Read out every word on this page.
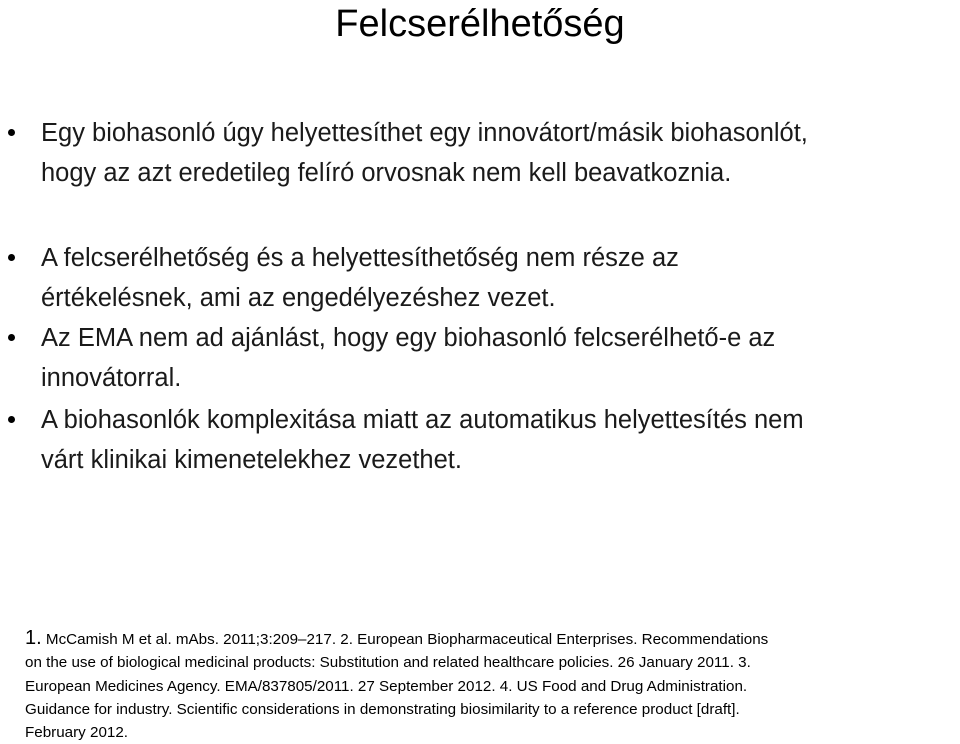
Felcserélhetőség
Egy biohasonló úgy helyettesíthet egy innovátort/másik biohasonlót,
hogy az azt eredetileg felíró orvosnak nem kell beavatkoznia.
A felcserélhetőség és a helyettesíthetőség nem része az
értékelésnek, ami az engedélyezéshez vezet.
Az EMA nem ad ajánlást, hogy egy biohasonló felcserélhető-e az
innovátorral.
A biohasonlók komplexitása miatt az automatikus helyettesítés nem
várt klinikai kimenetelekhez vezethet.
1. McCamish M et al. mAbs. 2011;3:209–217. 2. European Biopharmaceutical Enterprises. Recommendations
on the use of biological medicinal products: Substitution and related healthcare policies. 26 January 2011. 3.
European Medicines Agency. EMA/837805/2011. 27 September 2012. 4. US Food and Drug Administration.
Guidance for industry. Scientific considerations in demonstrating biosimilarity to a reference product [draft].
February 2012.
